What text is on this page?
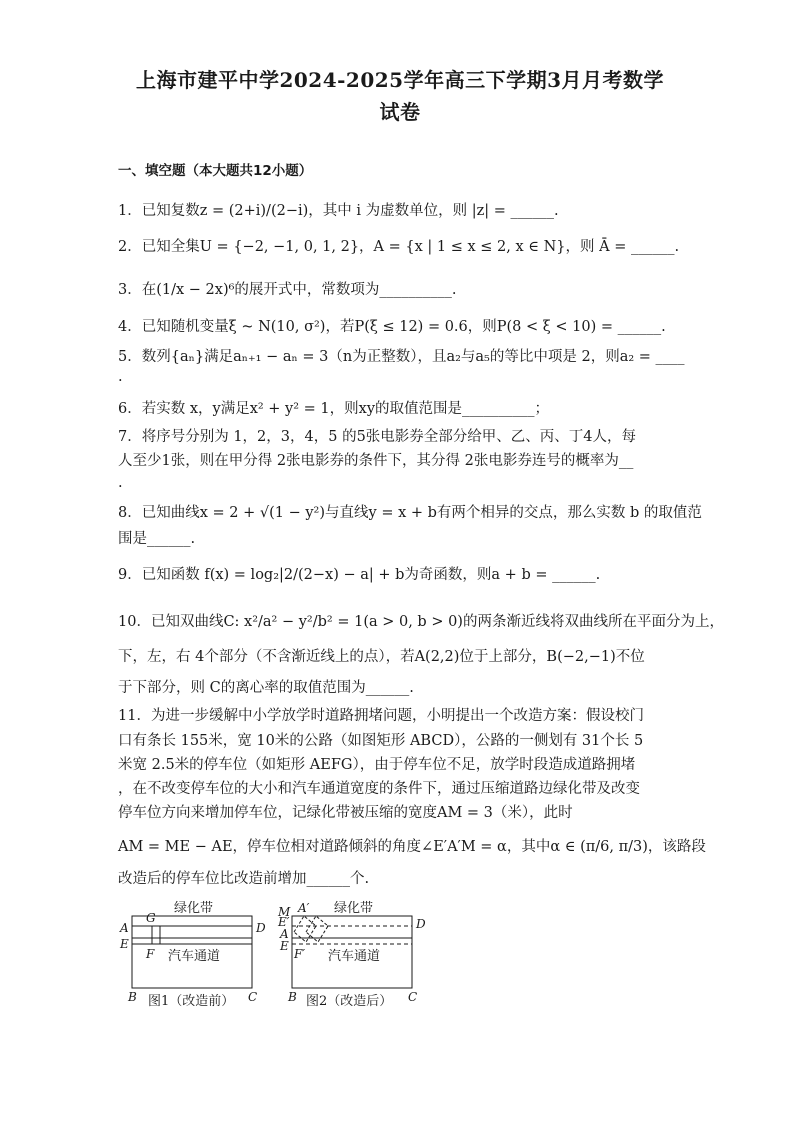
上海市建平中学2024-2025学年高三下学期3月月考数学
试卷
一、填空题（本大题共12小题）
1．已知复数z = (2+i)/(2−i)，其中 i 为虚数单位，则 |z| = ______.
2．已知全集U = {−2, −1, 0, 1, 2}，A = {x | 1 ≤ x ≤ 2, x ∈ N}，则 Ā = ______.
3．在(1/x − 2x)⁶的展开式中，常数项为__________.
4．已知随机变量ξ ~ N(10, σ²)，若P(ξ ≤ 12) = 0.6，则P(8 < ξ < 10) = ______.
5．数列{aₙ}满足aₙ₊₁ − aₙ = 3（n为正整数），且a₂与a₅的等比中项是 2，则a₂ = ____
.
6．若实数 x，y满足x² + y² = 1，则xy的取值范围是__________；
7．将序号分别为 1，2，3，4，5 的5张电影券全部分给甲、乙、丙、丁4人，每
人至少1张，则在甲分得 2张电影券的条件下，其分得 2张电影券连号的概率为__
.
8．已知曲线x = 2 + √(1 − y²)与直线y = x + b有两个相异的交点，那么实数 b 的取值范
围是______.
9．已知函数 f(x) = log₂|2/(2−x) − a| + b为奇函数，则a + b = ______.
10．已知双曲线C: x²/a² − y²/b² = 1(a > 0, b > 0)的两条渐近线将双曲线所在平面分为上，
下，左，右 4个部分（不含渐近线上的点），若A(2,2)位于上部分，B(−2,−1)不位
于下部分，则 C的离心率的取值范围为______.
11．为进一步缓解中小学放学时道路拥堵问题，小明提出一个改造方案：假设校门
口有条长 155米，宽 10米的公路（如图矩形 ABCD），公路的一侧划有 31个长 5
米宽 2.5米的停车位（如矩形 AEFG），由于停车位不足，放学时段造成道路拥堵
，在不改变停车位的大小和汽车通道宽度的条件下，通过压缩道路边绿化带及改变
停车位方向来增加停车位，记绿化带被压缩的宽度AM = 3（米），此时
AM = ME − AE，停车位相对道路倾斜的角度∠E′A′M = α，其中α ∈ (π/6, π/3)，该路段
改造后的停车位比改造前增加______个.
A
E
G
F
D
B	C
绿化带
汽车通道
图1（改造前）
M A′
E′
A
E
F′
D
B	C
绿化带
汽车通道
图2（改造后）
